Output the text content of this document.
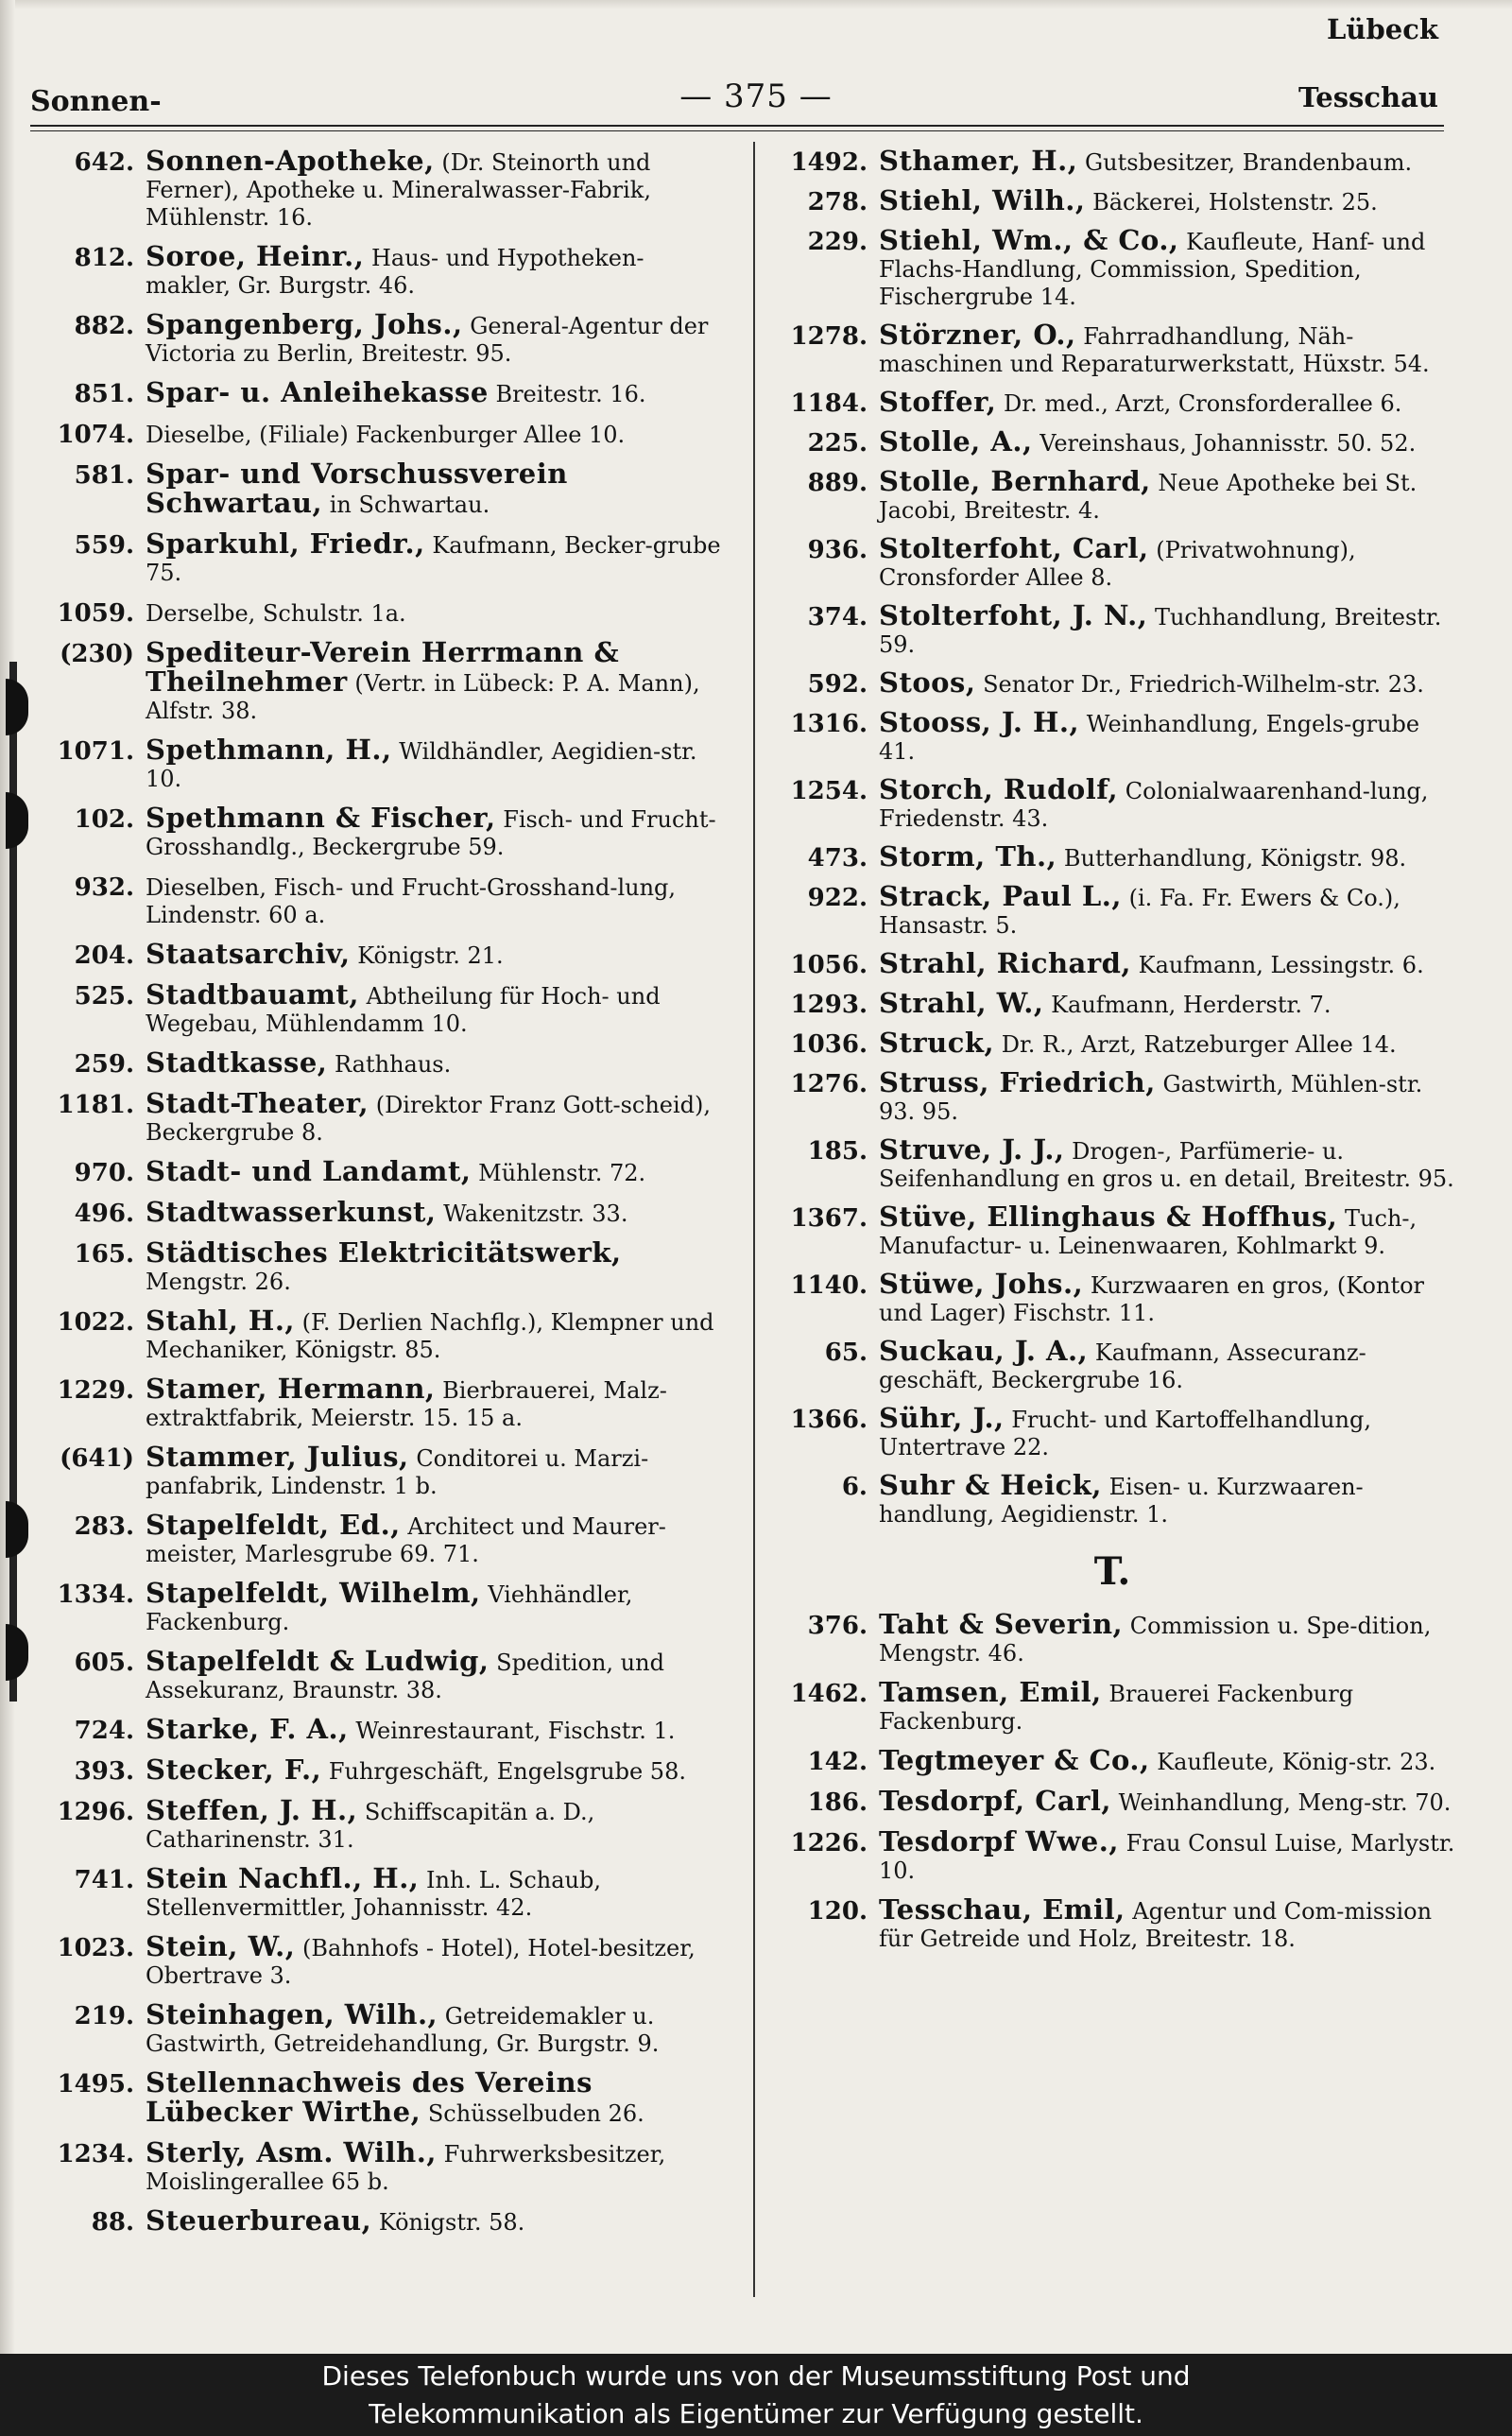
Lübeck
Sonnen-	— 375 —	Tesschau

642. Sonnen-Apotheke, (Dr. Steinorth und Ferner), Apotheke u. Mineralwasser-Fabrik, Mühlenstr. 16.

812. Soroe, Heinr., Haus- und Hypotheken-makler, Gr. Burgstr. 46.

882. Spangenberg, Johs., General-Agentur der Victoria zu Berlin, Breitestr. 95.

851. Spar- u. Anleihekasse Breitestr. 16.

1074. Dieselbe, (Filiale) Fackenburger Allee 10.

581. Spar- und Vorschussverein Schwartau, in Schwartau.

559. Sparkuhl, Friedr., Kaufmann, Becker-grube 75.

1059. Derselbe, Schulstr. 1a.

(230) Spediteur-Verein Herrmann & Theilnehmer (Vertr. in Lübeck: P. A. Mann), Alfstr. 38.

1071. Spethmann, H., Wildhändler, Aegidien-str. 10.

102. Spethmann & Fischer, Fisch- und Frucht-Grosshandlg., Beckergrube 59.

932. Dieselben, Fisch- und Frucht-Grosshand-lung, Lindenstr. 60 a.

204. Staatsarchiv, Königstr. 21.

525. Stadtbauamt, Abtheilung für Hoch- und Wegebau, Mühlendamm 10.

259. Stadtkasse, Rathhaus.

1181. Stadt-Theater, (Direktor Franz Gott-scheid), Beckergrube 8.

970. Stadt- und Landamt, Mühlenstr. 72.

496. Stadtwasserkunst, Wakenitzstr. 33.

165. Städtisches Elektricitätswerk, Mengstr. 26.

1022. Stahl, H., (F. Derlien Nachflg.), Klempner und Mechaniker, Königstr. 85.

1229. Stamer, Hermann, Bierbrauerei, Malz-extraktfabrik, Meierstr. 15. 15 a.

(641) Stammer, Julius, Conditorei u. Marzi-panfabrik, Lindenstr. 1 b.

283. Stapelfeldt, Ed., Architect und Maurer-meister, Marlesgrube 69. 71.

1334. Stapelfeldt, Wilhelm, Viehhändler, Fackenburg.

605. Stapelfeldt & Ludwig, Spedition, und Assekuranz, Braunstr. 38.

724. Starke, F. A., Weinrestaurant, Fischstr. 1.

393. Stecker, F., Fuhrgeschäft, Engelsgrube 58.

1296. Steffen, J. H., Schiffscapitän a. D., Catharinenstr. 31.

741. Stein Nachfl., H., Inh. L. Schaub, Stellenvermittler, Johannisstr. 42.

1023. Stein, W., (Bahnhofs - Hotel), Hotel-besitzer, Obertrave 3.

219. Steinhagen, Wilh., Getreidemakler u. Gastwirth, Getreidehandlung, Gr. Burgstr. 9.

1495. Stellennachweis des Vereins Lübecker Wirthe, Schüsselbuden 26.

1234. Sterly, Asm. Wilh., Fuhrwerksbesitzer, Moislingerallee 65 b.

88. Steuerbureau, Königstr. 58.

1492. Sthamer, H., Gutsbesitzer, Brandenbaum.

278. Stiehl, Wilh., Bäckerei, Holstenstr. 25.

229. Stiehl, Wm., & Co., Kaufleute, Hanf- und Flachs-Handlung, Commission, Spedition, Fischergrube 14.

1278. Störzner, O., Fahrradhandlung, Näh-maschinen und Reparaturwerkstatt, Hüxstr. 54.

1184. Stoffer, Dr. med., Arzt, Cronsforderallee 6.

225. Stolle, A., Vereinshaus, Johannisstr. 50. 52.

889. Stolle, Bernhard, Neue Apotheke bei St. Jacobi, Breitestr. 4.

936. Stolterfoht, Carl, (Privatwohnung), Cronsforder Allee 8.

374. Stolterfoht, J. N., Tuchhandlung, Breitestr. 59.

592. Stoos, Senator Dr., Friedrich-Wilhelm-str. 23.

1316. Stooss, J. H., Weinhandlung, Engels-grube 41.

1254. Storch, Rudolf, Colonialwaarenhand-lung, Friedenstr. 43.

473. Storm, Th., Butterhandlung, Königstr. 98.

922. Strack, Paul L., (i. Fa. Fr. Ewers & Co.), Hansastr. 5.

1056. Strahl, Richard, Kaufmann, Lessingstr. 6.

1293. Strahl, W., Kaufmann, Herderstr. 7.

1036. Struck, Dr. R., Arzt, Ratzeburger Allee 14.

1276. Struss, Friedrich, Gastwirth, Mühlen-str. 93. 95.

185. Struve, J. J., Drogen-, Parfümerie- u. Seifenhandlung en gros u. en detail, Breitestr. 95.

1367. Stüve, Ellinghaus & Hoffhus, Tuch-, Manufactur- u. Leinenwaaren, Kohlmarkt 9.

1140. Stüwe, Johs., Kurzwaaren en gros, (Kontor und Lager) Fischstr. 11.

65. Suckau, J. A., Kaufmann, Assecuranz-geschäft, Beckergrube 16.

1366. Sühr, J., Frucht- und Kartoffelhandlung, Untertrave 22.

6. Suhr & Heick, Eisen- u. Kurzwaaren-handlung, Aegidienstr. 1.

T.

376. Taht & Severin, Commission u. Spe-dition, Mengstr. 46.

1462. Tamsen, Emil, Brauerei Fackenburg Fackenburg.

142. Tegtmeyer & Co., Kaufleute, König-str. 23.

186. Tesdorpf, Carl, Weinhandlung, Meng-str. 70.

1226. Tesdorpf Wwe., Frau Consul Luise, Marlystr. 10.

120. Tesschau, Emil, Agentur und Com-mission für Getreide und Holz, Breitestr. 18.

Dieses Telefonbuch wurde uns von der Museumsstiftung Post und
Telekommunikation als Eigentümer zur Verfügung gestellt.
